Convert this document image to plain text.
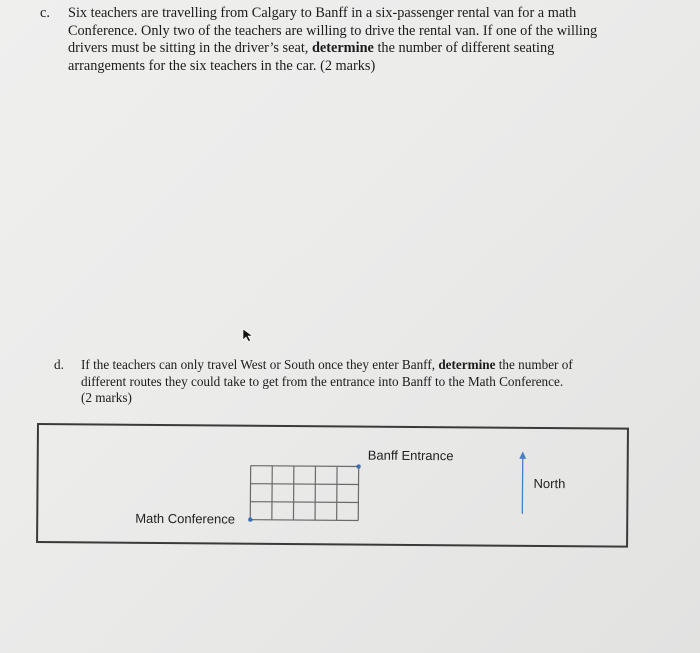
c. Six teachers are travelling from Calgary to Banff in a six-passenger rental van for a math

Conference. Only two of the teachers are willing to drive the rental van. If one of the willing

drivers must be sitting in the driver’s seat, determine the number of different seating

arrangements for the six teachers in the car. (2 marks)

d. If the teachers can only travel West or South once they enter Banff, determine the number of

different routes they could take to get from the entrance into Banff to the Math Conference.

(2 marks)

Banff Entrance
Math Conference
North
